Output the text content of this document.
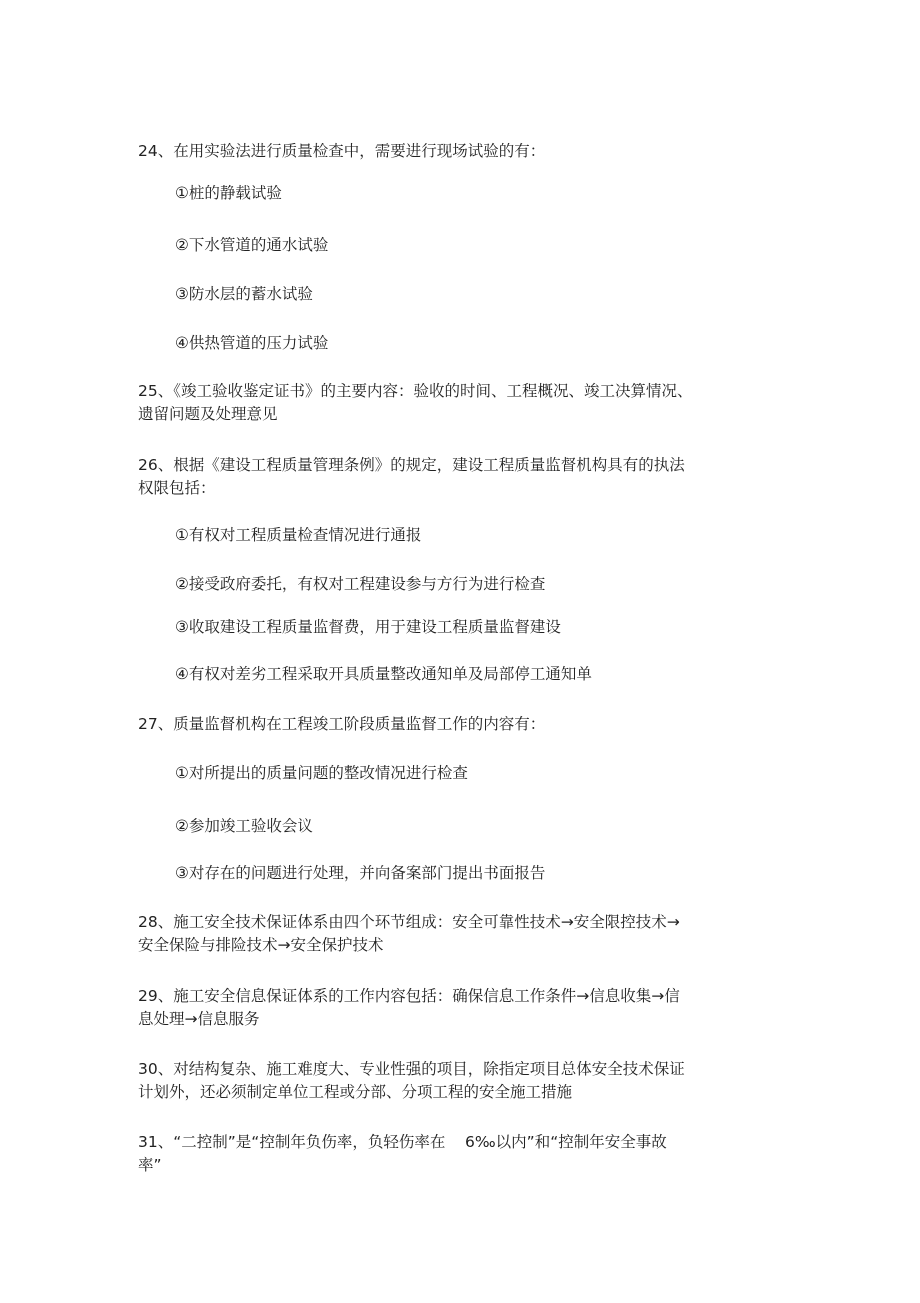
24、在用实验法进行质量检查中，需要进行现场试验的有：
①桩的静载试验
②下水管道的通水试验
③防水层的蓄水试验
④供热管道的压力试验
25、《竣工验收鉴定证书》的主要内容：验收的时间、工程概况、竣工决算情况、
遗留问题及处理意见
26、根据《建设工程质量管理条例》的规定，建设工程质量监督机构具有的执法
权限包括：
①有权对工程质量检查情况进行通报
②接受政府委托，有权对工程建设参与方行为进行检查
③收取建设工程质量监督费，用于建设工程质量监督建设
④有权对差劣工程采取开具质量整改通知单及局部停工通知单
27、质量监督机构在工程竣工阶段质量监督工作的内容有：
①对所提出的质量问题的整改情况进行检查
②参加竣工验收会议
③对存在的问题进行处理，并向备案部门提出书面报告
28、施工安全技术保证体系由四个环节组成：安全可靠性技术→安全限控技术→
安全保险与排险技术→安全保护技术
29、施工安全信息保证体系的工作内容包括：确保信息工作条件→信息收集→信
息处理→信息服务
30、对结构复杂、施工难度大、专业性强的项目，除指定项目总体安全技术保证
计划外，还必须制定单位工程或分部、分项工程的安全施工措施
31、“二控制”是“控制年负伤率，负轻伤率在    6‰以内”和“控制年安全事故
率”
